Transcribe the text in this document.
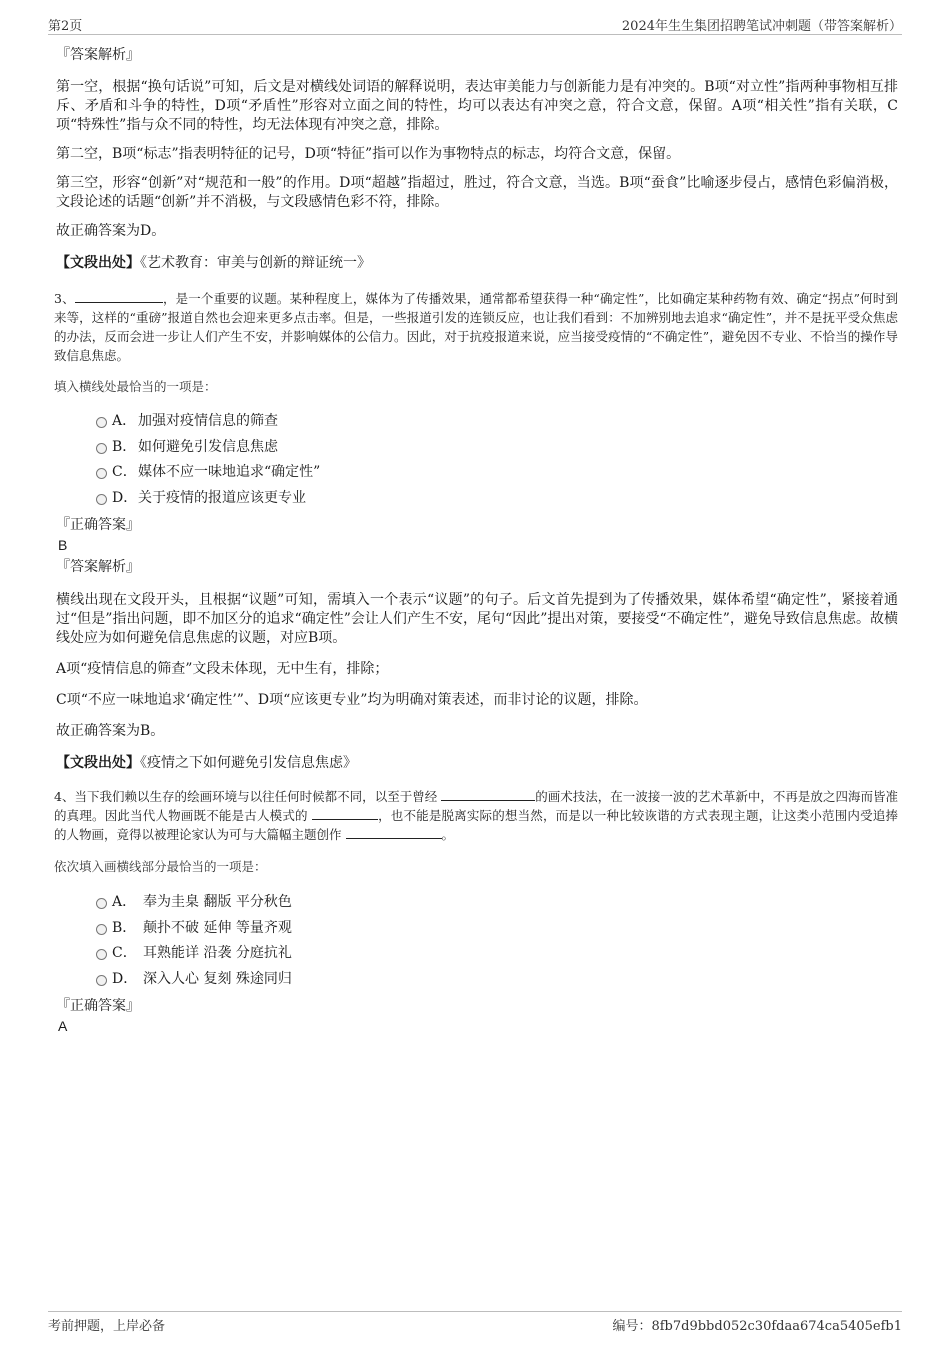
第2页	2024年生生集团招聘笔试冲刺题（带答案解析）

『答案解析』

第一空，根据“换句话说”可知，后文是对横线处词语的解释说明，表达审美能力与创新能力是有冲突的。B项“对立性”指两种事物相互排斥、矛盾和斗争的特性，D项“矛盾性”形容对立面之间的特性，均可以表达有冲突之意，符合文意，保留。A项“相关性”指有关联，C项“特殊性”指与众不同的特性，均无法体现有冲突之意，排除。

第二空，B项“标志”指表明特征的记号，D项“特征”指可以作为事物特点的标志，均符合文意，保留。

第三空，形容“创新”对“规范和一般”的作用。D项“超越”指超过，胜过，符合文意，当选。B项“蚕食”比喻逐步侵占，感情色彩偏消极，文段论述的话题“创新”并不消极，与文段感情色彩不符，排除。

故正确答案为D。

【文段出处】《艺术教育：审美与创新的辩证统一》

3、	，是一个重要的议题。某种程度上，媒体为了传播效果，通常都希望获得一种“确定性”，比如确定某种药物有效、确定“拐点”何时到来等，这样的“重磅”报道自然也会迎来更多点击率。但是，一些报道引发的连锁反应，也让我们看到：不加辨别地去追求“确定性”，并不是抚平受众焦虑的办法，反而会进一步让人们产生不安，并影响媒体的公信力。因此，对于抗疫报道来说，应当接受疫情的“不确定性”，避免因不专业、不恰当的操作导致信息焦虑。

填入横线处最恰当的一项是：

A． 加强对疫情信息的筛查
B． 如何避免引发信息焦虑
C．媒体不应一味地追求“确定性”
D．关于疫情的报道应该更专业

『正确答案』

B

『答案解析』

横线出现在文段开头，且根据“议题”可知，需填入一个表示“议题”的句子。后文首先提到为了传播效果，媒体希望“确定性”，紧接着通过“但是”指出问题，即不加区分的追求“确定性”会让人们产生不安，尾句“因此”提出对策，要接受“不确定性”，避免导致信息焦虑。故横线处应为如何避免信息焦虑的议题，对应B项。

A项“疫情信息的筛查”文段未体现，无中生有，排除；

C项“不应一味地追求‘确定性’”、D项“应该更专业”均为明确对策表述，而非讨论的议题，排除。

故正确答案为B。

【文段出处】《疫情之下如何避免引发信息焦虑》

4、当下我们赖以生存的绘画环境与以往任何时候都不同，以至于曾经	的画术技法，在一波接一波的艺术革新中，不再是放之四海而皆准的真理。因此当代人物画既不能是古人模式的	，也不能是脱离实际的想当然，而是以一种比较诙谐的方式表现主题，让这类小范围内受追捧的人物画，竟得以被理论家认为可与大篇幅主题创作	。

依次填入画横线部分最恰当的一项是：

A． 奉为圭臬 翻版 平分秋色
B． 颠扑不破 延伸 等量齐观
C． 耳熟能详 沿袭 分庭抗礼
D． 深入人心 复刻 殊途同归

『正确答案』

A

考前押题，上岸必备	编号：8fb7d9bbd052c30fdaa674ca5405efb1
